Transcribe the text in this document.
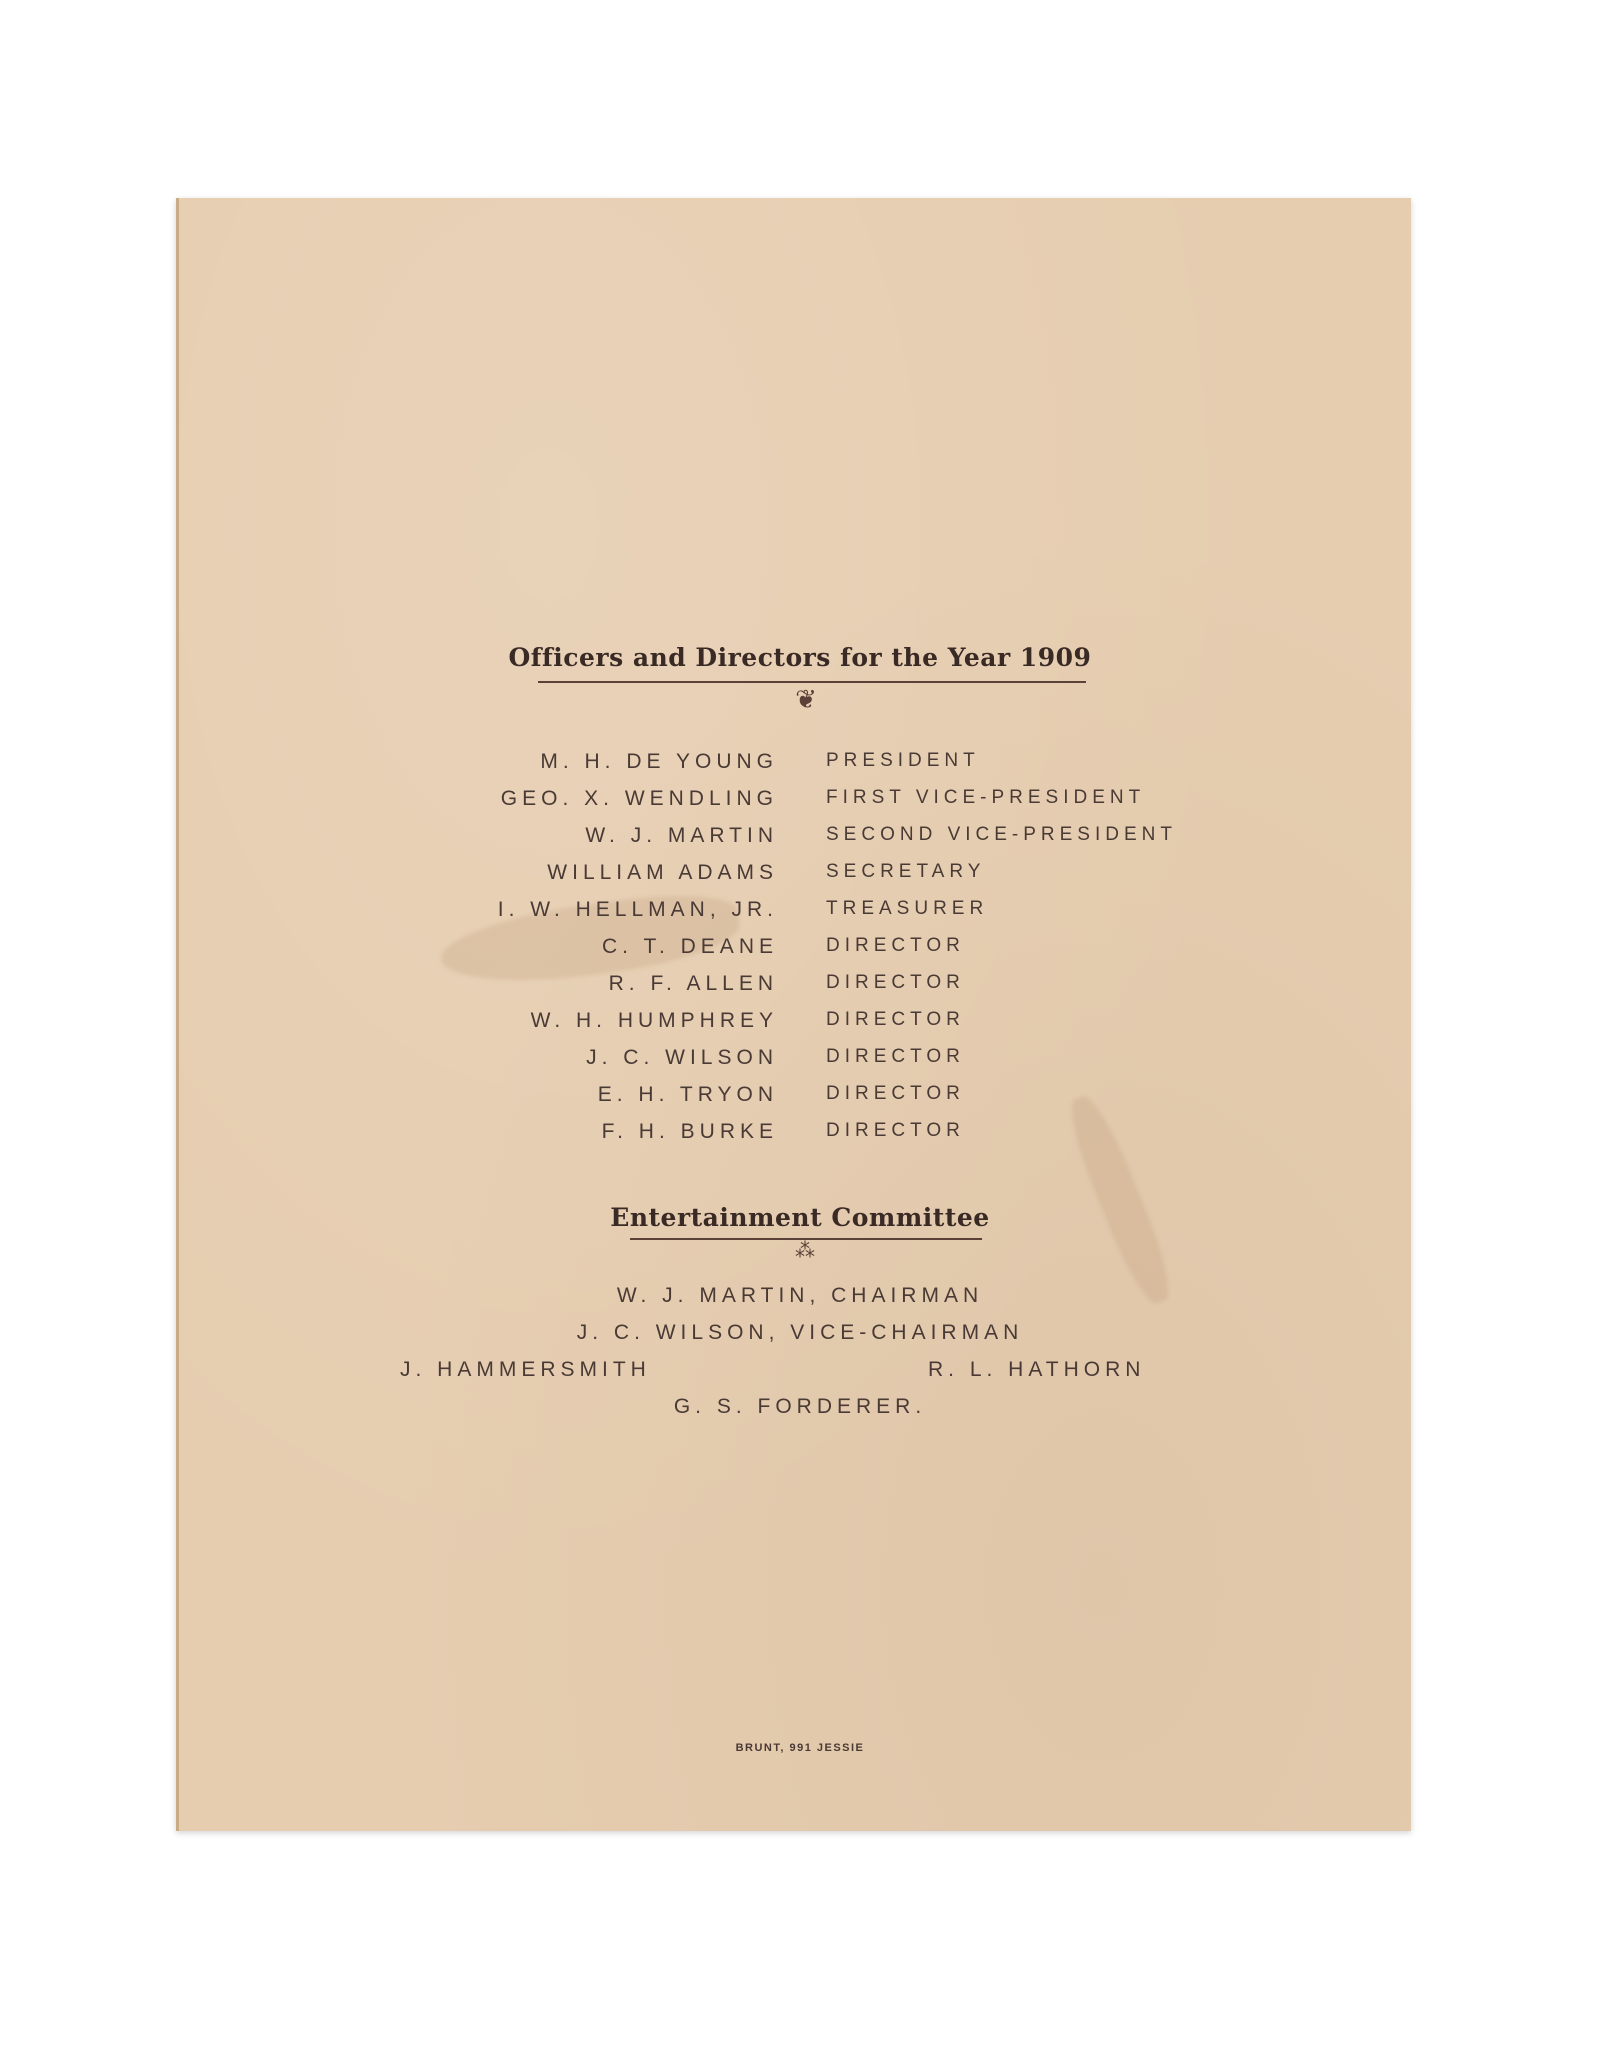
Officers and Directors for the Year 1909
❦
M. H. DE YOUNG	PRESIDENT
GEO. X. WENDLING	FIRST VICE-PRESIDENT
W. J. MARTIN	SECOND VICE-PRESIDENT
WILLIAM ADAMS	SECRETARY
I. W. HELLMAN, JR.	TREASURER
C. T. DEANE	DIRECTOR
R. F. ALLEN	DIRECTOR
W. H. HUMPHREY	DIRECTOR
J. C. WILSON	DIRECTOR
E. H. TRYON	DIRECTOR
F. H. BURKE	DIRECTOR
Entertainment Committee
⁂
W. J. MARTIN, CHAIRMAN
J. C. WILSON, VICE-CHAIRMAN
J. HAMMERSMITH	R. L. HATHORN
G. S. FORDERER.
BRUNT, 991 JESSIE
